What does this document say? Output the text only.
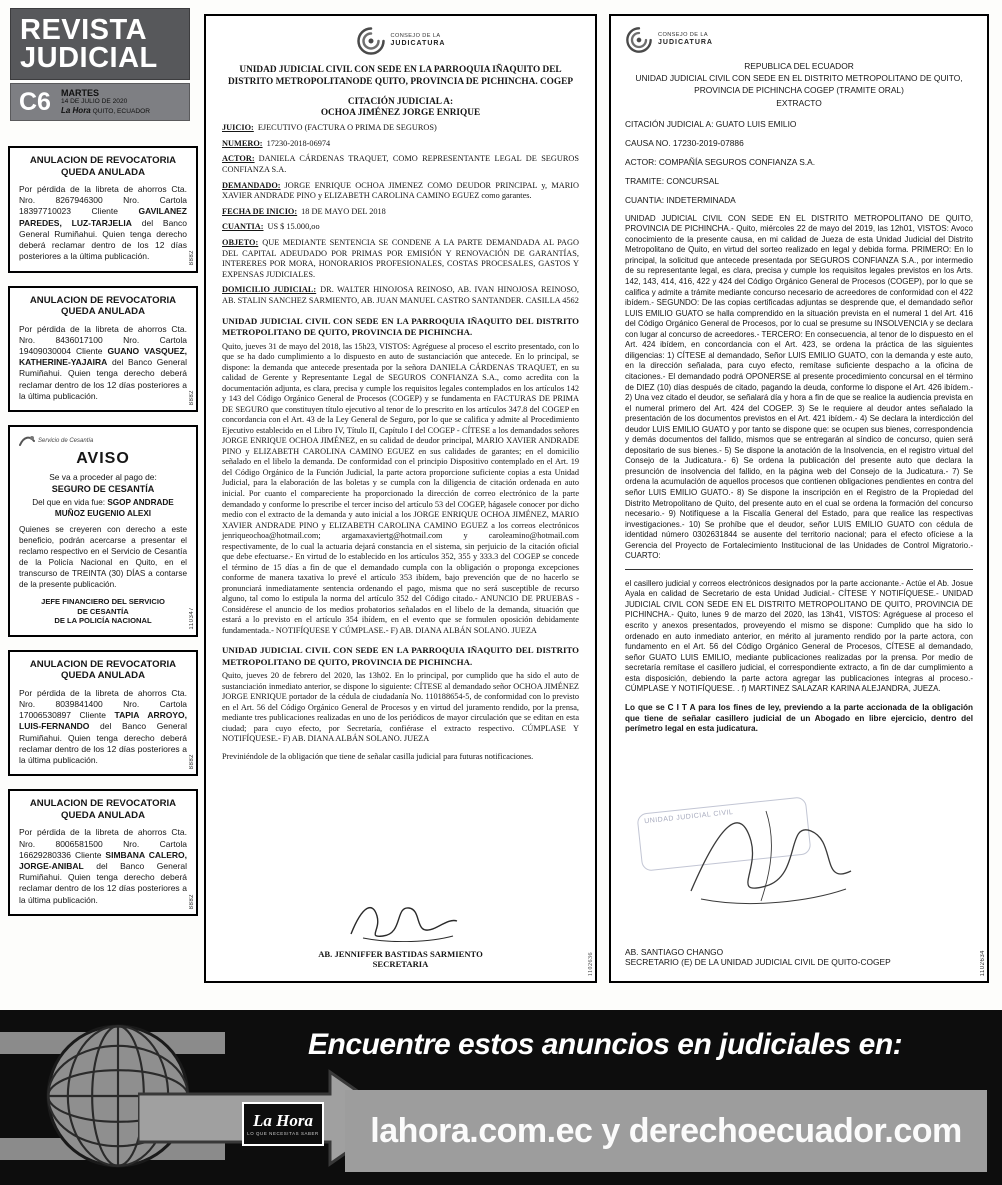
REVISTA
JUDICIAL
C6	MARTES
14 DE JULIO DE 2020
La Hora QUITO, ECUADOR
ANULACION DE REVOCATORIA
QUEDA ANULADA
Por pérdida de la libreta de ahorros Cta. Nro. 8267946300 Nro. Cartola 18397710023 Cliente GAVILANEZ PAREDES, LUZ-TARJELIA del Banco General Rumiñahui. Quien tenga derecho deberá reclamar dentro de los 12 días posteriores a la última publicación.	8882
ANULACION DE REVOCATORIA
QUEDA ANULADA
Por pérdida de la libreta de ahorros Cta. Nro. 8436017100 Nro. Cartola 19409030004 Cliente GUANO VASQUEZ, KATHERINE-YAJAIRA del Banco General Rumiñahui. Quien tenga derecho deberá reclamar dentro de los 12 días posteriores a la última publicación.	8882
Servicio de Cesantía
AVISO
Se va a proceder al pago de:
SEGURO DE CESANTÍA
Del que en vida fue: SGOP ANDRADE MUÑOZ EUGENIO ALEXI
Quienes se creyeren con derecho a este beneficio, podrán acercarse a presentar el reclamo respectivo en el Servicio de Cesantía de la Policía Nacional en Quito, en el transcurso de TREINTA (30) DÍAS a contarse de la presente publicación.
JEFE FINANCIERO DEL SERVICIO
DE CESANTÍA
DE LA POLICÍA NACIONAL	110347
ANULACION DE REVOCATORIA
QUEDA ANULADA
Por pérdida de la libreta de ahorros Cta. Nro. 8039841400 Nro. Cartola 17006530897 Cliente TAPIA ARROYO, LUIS-FERNANDO del Banco General Rumiñahui. Quien tenga derecho deberá reclamar dentro de los 12 días posteriores a la última publicación.	8882
ANULACION DE REVOCATORIA
QUEDA ANULADA
Por pérdida de la libreta de ahorros Cta. Nro. 8006581500 Nro. Cartola 16629280336 Cliente SIMBANA CALERO, JORGE-ANIBAL del Banco General Rumiñahui. Quien tenga derecho deberá reclamar dentro de los 12 días posteriores a la última publicación.	8882
CONSEJO DE LA
JUDICATURA
UNIDAD JUDICIAL CIVIL CON SEDE EN LA PARROQUIA IÑAQUITO DEL DISTRITO METROPOLITANODE QUITO, PROVINCIA DE PICHINCHA. COGEP
CITACIÓN JUDICIAL A:
OCHOA JIMÉNEZ JORGE ENRIQUE

JUICIO: EJECUTIVO (FACTURA O PRIMA DE SEGUROS)

NUMERO: 17230-2018-06974

ACTOR: DANIELA CÁRDENAS TRAQUET, COMO REPRESENTANTE LEGAL DE SEGUROS CONFIANZA S.A.

DEMANDADO: JORGE ENRIQUE OCHOA JIMENEZ COMO DEUDOR PRINCIPAL y, MARIO XAVIER ANDRADE PINO y ELIZABETH CAROLINA CAMINO EGUEZ como garantes.

FECHA DE INICIO: 18 DE MAYO DEL 2018

CUANTIA: US $ 15.000,oo

OBJETO: QUE MEDIANTE SENTENCIA SE CONDENE A LA PARTE DEMANDADA AL PAGO DEL CAPITAL ADEUDADO POR PRIMAS POR EMISIÓN Y RENOVACIÓN DE GARANTÍAS, INTERERES POR MORA, HONORARIOS PROFESIONALES, COSTAS PROCESALES, GASTOS Y EXPENSAS JUDICIALES.

DOMICILIO JUDICIAL: DR. WALTER HINOJOSA REINOSO, AB. IVAN HINOJOSA REINOSO, AB. STALIN SANCHEZ SARMIENTO, AB. JUAN MANUEL CASTRO SANTANDER. CASILLA 4562

UNIDAD JUDICIAL CIVIL CON SEDE EN LA PARROQUIA IÑAQUITO DEL DISTRITO METROPOLITANO DE QUITO, PROVINCIA DE PICHINCHA.
Quito, jueves 31 de mayo del 2018, las 15h23, VISTOS: Agréguese al proceso el escrito presentado, con lo que se ha dado cumplimiento a lo dispuesto en auto de sustanciación que antecede. En lo principal, se dispone: la demanda que antecede presentada por la señora DANIELA CÁRDENAS TRAQUET, en su calidad de Gerente y Representante Legal de SEGUROS CONFIANZA S.A., como acredita con la documentación adjunta, es clara, precisa y cumple los requisitos legales contemplados en los artículos 142 y 143 del Código Orgánico General de Procesos (COGEP) y se fundamenta en FACTURAS DE PRIMA DE SEGURO que constituyen título ejecutivo al tenor de lo prescrito en los artículos 347.8 del COGEP en concordancia con el Art. 43 de la Ley General de Seguro, por lo que se califica y admite al Procedimiento Ejecutivo establecido en el Libro IV, Título II, Capítulo I del COGEP - CÍTESE a los demandados señores JORGE ENRIQUE OCHOA JIMÉNEZ, en su calidad de deudor principal, MARIO XAVIER ANDRADE PINO y ELIZABETH CAROLINA CAMINO EGUEZ en sus calidades de garantes; en el domicilio señalado en el libelo la demanda. De conformidad con el principio Dispositivo contemplado en el Art. 19 del Código Orgánico de la Función Judicial, la parte actora proporcione suficiente copias a esta Unidad Judicial, para la elaboración de las boletas y se cumpla con la diligencia de citación ordenada en auto inicial. Por cuanto el compareciente ha proporcionado la dirección de correo electrónico de la parte demandado y conforme lo prescribe el tercer inciso del artículo 53 del COGEP, hágasele conocer por dicho medio con el extracto de la demanda y auto inicial a los JORGE ENRIQUE OCHOA JIMÉNEZ, MARIO XAVIER ANDRADE PINO y ELIZABETH CAROLINA CAMINO EGUEZ a los correos electrónicos jenriqueochoa@hotmail.com; argamaxaviertg@hotmail.com y caroleamino@hotmail.com respectivamente, de lo cual la actuaria dejará constancia en el sistema, sin perjuicio de la citación oficial que debe efectuarse.- En virtud de lo establecido en los artículos 352, 355 y 333.3 del COGEP se concede el término de 15 días a fin de que el demandado cumpla con la obligación o proponga excepciones conforme de manera taxativa lo prevé el artículo 353 ibídem, bajo prevención que de no hacerlo se pronunciará inmediatamente sentencia ordenando el pago, misma que no será susceptible de recurso alguno, tal como lo estipula la norma del artículo 352 del Código citado.- ANUNCIO DE PRUEBAS - Considérese el anuncio de los medios probatorios señalados en el libelo de la demanda, situación que estará a lo previsto en el artículo 354 ibídem, en el evento que se formulen oposición debidamente fundamentada.- NOTIFÍQUESE Y CÚMPLASE.- F) AB. DIANA ALBÁN SOLANO. JUEZA
UNIDAD JUDICIAL CIVIL CON SEDE EN LA PARROQUIA IÑAQUITO DEL DISTRITO METROPOLITANO DE QUITO, PROVINCIA DE PICHINCHA.
Quito, jueves 20 de febrero del 2020, las 13h02. En lo principal, por cumplido que ha sido el auto de sustanciación inmediato anterior, se dispone lo siguiente: CÍTESE al demandado señor OCHOA JIMÉNEZ JORGE ENRIQUE portador de la cédula de ciudadanía No. 110188654-5, de conformidad con lo previsto en el Art. 56 del Código Orgánico General de Procesos y en virtud del juramento rendido, por la prensa, mediante tres publicaciones realizadas en uno de los periódicos de mayor circulación que se editan en esta ciudad; para cuyo efecto, por Secretaría, confiérase el extracto respectivo. CÚMPLASE Y NOTIFÍQUESE.- F) AB. DIANA ALBÁN SOLANO. JUEZA
Previniéndole de la obligación que tiene de señalar casilla judicial para futuras notificaciones.
AB. JENNIFFER BASTIDAS SARMIENTO
SECRETARIA	1102636
CONSEJO DE LA
JUDICATURA
REPUBLICA DEL ECUADOR
UNIDAD JUDICIAL CIVIL CON SEDE EN EL DISTRITO METROPOLITANO DE QUITO, PROVINCIA DE PICHINCHA COGEP (TRAMITE ORAL)
EXTRACTO
CITACIÓN JUDICIAL A: GUATO LUIS EMILIO
CAUSA NO. 17230-2019-07886
ACTOR: COMPAÑÍA SEGUROS CONFIANZA S.A.
TRAMITE: CONCURSAL
CUANTIA: INDETERMINADA
UNIDAD JUDICIAL CIVIL CON SEDE EN EL DISTRITO METROPOLITANO DE QUITO, PROVINCIA DE PICHINCHA.- Quito, miércoles 22 de mayo del 2019, las 12h01, VISTOS: Avoco conocimiento de la presente causa, en mi calidad de Jueza de esta Unidad Judicial del Distrito Metropolitano de Quito, en virtud del sorteo realizado en legal y debida forma. PRIMERO: En lo principal, la solicitud que antecede presentada por SEGUROS CONFIANZA S.A., por intermedio de su representante legal, es clara, precisa y cumple los requisitos legales previstos en los Arts. 142, 143, 414, 416, 422 y 424 del Código Orgánico General de Procesos (COGEP), por lo que se califica y admite a trámite mediante concurso necesario de acreedores de conformidad con el 422 ibídem.- SEGUNDO: De las copias certificadas adjuntas se desprende que, el demandado señor LUIS EMILIO GUATO se halla comprendido en la situación prevista en el numeral 1 del Art. 416 del Código Orgánico General de Procesos, por lo cual se presume su INSOLVENCIA y se declara con lugar al concurso de acreedores.- TERCERO: En consecuencia, al tenor de lo dispuesto en el Art. 424 ibídem, en concordancia con el Art. 423, se ordena la práctica de las siguientes diligencias: 1) CÍTESE al demandado, Señor LUIS EMILIO GUATO, con la demanda y este auto, en la dirección señalada, para cuyo efecto, remítase suficiente despacho a la oficina de citaciones.- El demandado podrá OPONERSE al presente procedimiento concursal en el término de DIEZ (10) días después de citado, pagando la deuda, conforme lo dispone el Art. 426 ibídem.- 2) Una vez citado el deudor, se señalará día y hora a fin de que se realice la audiencia prevista en el numeral primero del Art. 424 del COGEP. 3) Se le requiere al deudor antes señalado la presentación de los documentos previstos en el Art. 421 ibídem.- 4) Se declara la interdicción del deudor LUIS EMILIO GUATO y por tanto se dispone que: se ocupen sus bienes, correspondencia y demás documentos del fallido, mismos que se entregarán al síndico de concurso, quien será depositario de sus bienes.- 5) Se dispone la anotación de la Insolvencia, en el registro virtual del Consejo de la Judicatura.- 6) Se ordena la publicación del presente auto que declara la presunción de insolvencia del fallido, en la página web del Consejo de la Judicatura.- 7) Se ordena la acumulación de aquellos procesos que contienen obligaciones pendientes en contra del señor LUIS EMILIO GUATO.- 8) Se dispone la inscripción en el Registro de la Propiedad del Distrito Metropolitano de Quito, del presente auto en el cual se ordena la formación del concurso necesario.- 9) Notifíquese a la Fiscalía General del Estado, para que realice las respectivas investigaciones.- 10) Se prohíbe que el deudor, señor LUIS EMILIO GUATO con cédula de identidad número 0302631844 se ausente del territorio nacional; para el efecto ofíciese a la Gerencia del Proyecto de Fortalecimiento Institucional de las Unidades de Control Migratorio.- CUARTO:
el casillero judicial y correos electrónicos designados por la parte accionante.- Actúe el Ab. Josue Ayala en calidad de Secretario de esta Unidad Judicial.- CÍTESE Y NOTIFÍQUESE.- UNIDAD JUDICIAL CIVIL CON SEDE EN EL DISTRITO METROPOLITANO DE QUITO, PROVINCIA DE PICHINCHA.- Quito, lunes 9 de marzo del 2020, las 13h41, VISTOS: Agréguese al proceso el escrito y anexos presentados, proveyendo el mismo se dispone: Cumplido que ha sido lo ordenado en auto inmediato anterior, en mérito al juramento rendido por la parte actora, con fundamento en el Art. 56 del Código Orgánico General de Procesos, CÍTESE al demandado, señor GUATO LUIS EMILIO, mediante publicaciones realizadas por la prensa. Por medio de secretaría remítase el casillero judicial, el correspondiente extracto, a fin de dar cumplimiento a esta disposición, debiendo la parte actora agregar las publicaciones íntegras al proceso.- CÚMPLASE Y NOTIFÍQUESE. . f) MARTINEZ SALAZAR KARINA ALEJANDRA, JUEZA.
Lo que se C I T A para los fines de ley, previendo a la parte accionada de la obligación que tiene de señalar casillero judicial de un Abogado en libre ejercicio, dentro del perímetro legal en esta judicatura.
UNIDAD JUDICIAL CIVIL
AB. SANTIAGO CHANGO
SECRETARIO (E) DE LA UNIDAD JUDICIAL CIVIL DE QUITO-COGEP	1102634
La Hora
LO QUE NECESITAS SABER
Encuentre estos anuncios en judiciales en:
lahora.com.ec y derechoecuador.com
